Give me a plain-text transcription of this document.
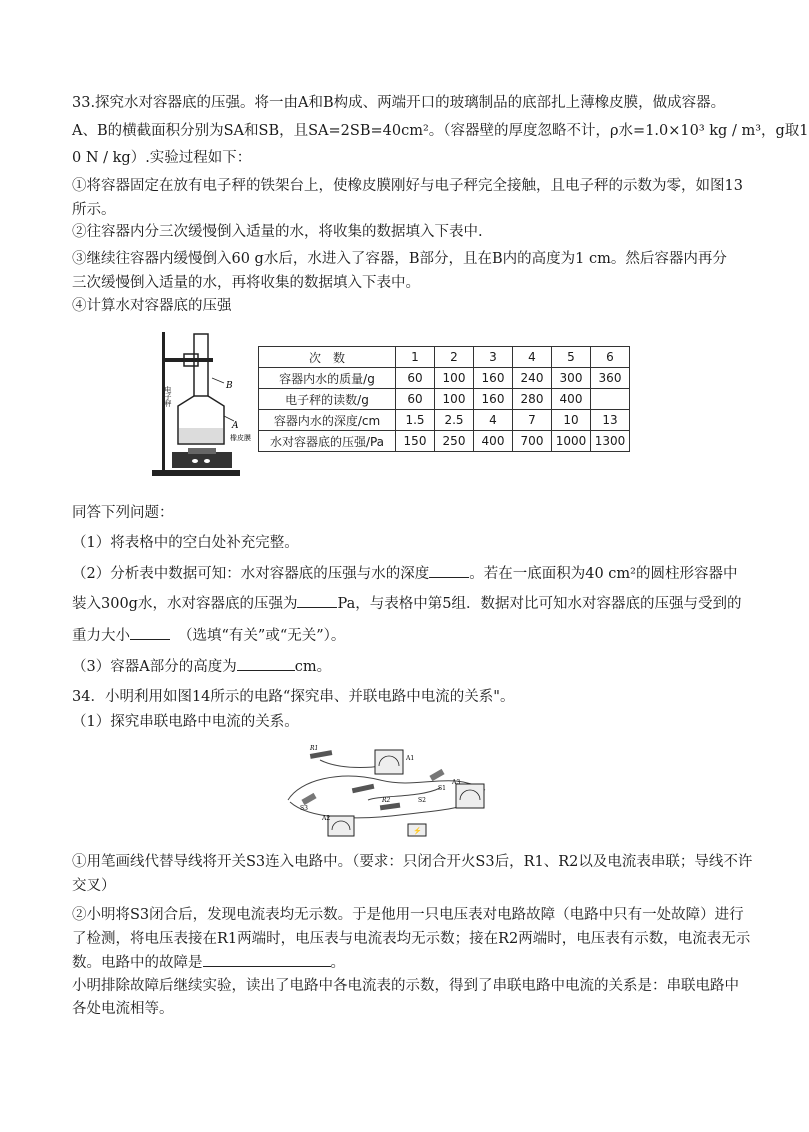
33.探究水对容器底的压强。将一由A和B构成、两端开口的玻璃制品的底部扎上薄橡皮膜，做成容器。
A、B的横截面积分别为SA和SB，且SA=2SB=40cm²。（容器壁的厚度忽略不计，ρ水=1.0×10³ kg / m³，g取1
0 N / kg）.实验过程如下：
①将容器固定在放有电子秤的铁架台上，使橡皮膜刚好与电子秤完全接触，且电子秤的示数为零，如图13
所示。
②往容器内分三次缓慢倒入适量的水，将收集的数据填入下表中.
③继续往容器内缓慢倒入60 g水后，水进入了容器，B部分，且在B内的高度为1 cm。然后容器内再分
三次缓慢倒入适量的水，再将收集的数据填入下表中。
④计算水对容器底的压强
B
A
橡皮膜
电子秤
次　数	1	2	3	4	5	6
容器内水的质量/g	60	100	160	240	300	360
电子秤的读数/g	60	100	160	280	400	
容器内水的深度/cm	1.5	2.5	4	7	10	13
水对容器底的压强/Pa	150	250	400	700	1000	1300
同答下列问题：
（1）将表格中的空白处补充完整。
（2）分析表中数据可知：水对容器底的压强与水的深度	。若在一底面积为40 cm²的圆柱形容器中
装入300g水，水对容器底的压强为	Pa，与表格中第5组．数据对比可知水对容器底的压强与受到的
重力大小	（选填“有关”或“无关”）。
（3）容器A部分的高度为	cm。
34．小明利用如图14所示的电路“探究串、并联电路中电流的关系"。
（1）探究串联电路中电流的关系。
R1
A1
S1
S3
R2
A2
A3
⚡
S2
①用笔画线代替导线将开关S3连入电路中。（要求：只闭合开火S3后，R1、R2以及电流表串联；导线不许
交叉）
②小明将S3闭合后，发现电流表均无示数。于是他用一只电压表对电路故障（电路中只有一处故障）进行
了检测，将电压表接在R1两端时，电压表与电流表均无示数；接在R2两端时，电压表有示数，电流表无示
数。电路中的故障是	。
小明排除故障后继续实验，读出了电路中各电流表的示数，得到了串联电路中电流的关系是：串联电路中
各处电流相等。
